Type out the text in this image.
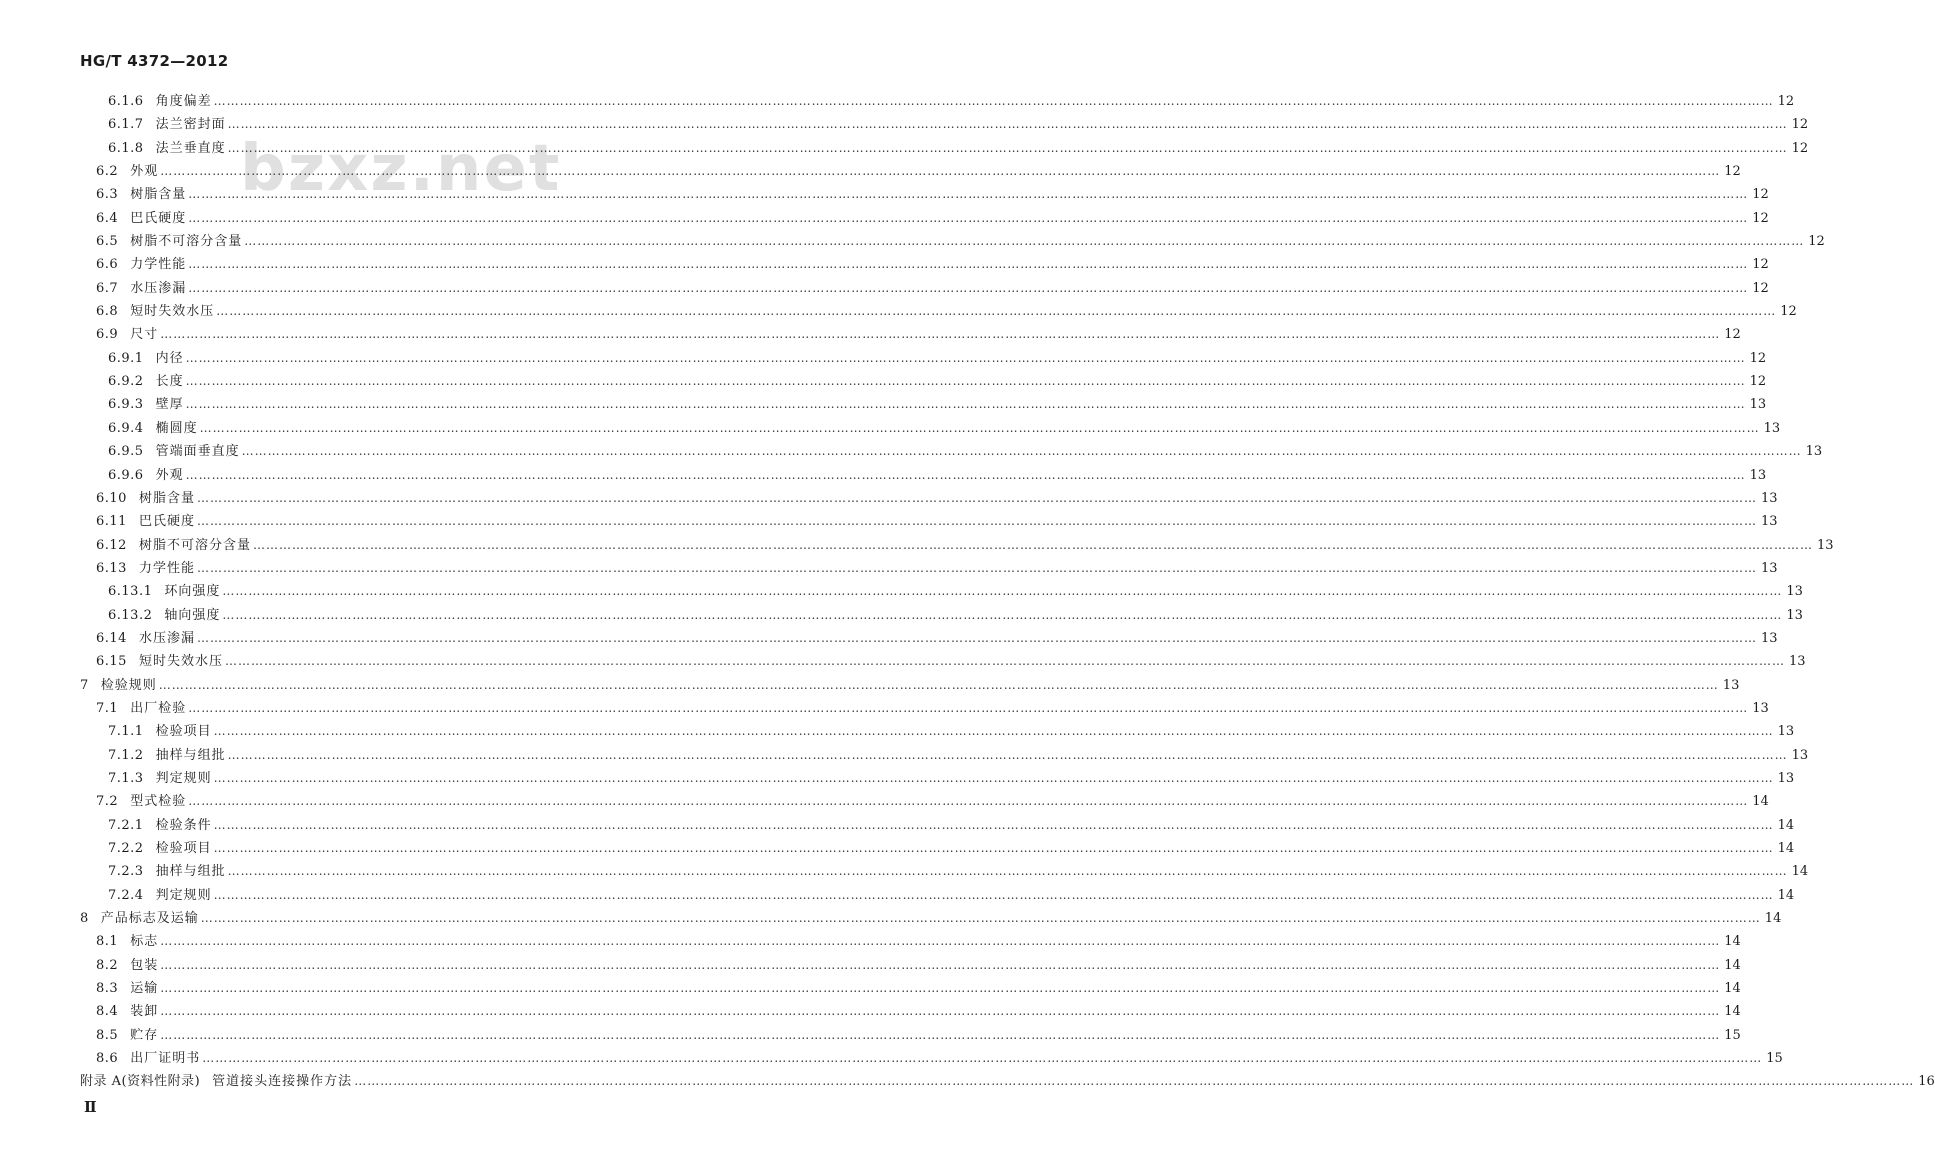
HG/T 4372—2012
bzxz.net
6.1.6 角度偏差 ……………………………………………………………………………………………………………………………………………………………………………………………………………………………………………………………………………………………………………………………… 12
6.1.7 法兰密封面 ……………………………………………………………………………………………………………………………………………………………………………………………………………………………………………………………………………………………………………………………… 12
6.1.8 法兰垂直度 ……………………………………………………………………………………………………………………………………………………………………………………………………………………………………………………………………………………………………………………………… 12
6.2 外观 ……………………………………………………………………………………………………………………………………………………………………………………………………………………………………………………………………………………………………………………………… 12
6.3 树脂含量 ……………………………………………………………………………………………………………………………………………………………………………………………………………………………………………………………………………………………………………………………… 12
6.4 巴氏硬度 ……………………………………………………………………………………………………………………………………………………………………………………………………………………………………………………………………………………………………………………………… 12
6.5 树脂不可溶分含量 ……………………………………………………………………………………………………………………………………………………………………………………………………………………………………………………………………………………………………………………………… 12
6.6 力学性能 ……………………………………………………………………………………………………………………………………………………………………………………………………………………………………………………………………………………………………………………………… 12
6.7 水压渗漏 ……………………………………………………………………………………………………………………………………………………………………………………………………………………………………………………………………………………………………………………………… 12
6.8 短时失效水压 ……………………………………………………………………………………………………………………………………………………………………………………………………………………………………………………………………………………………………………………………… 12
6.9 尺寸 ……………………………………………………………………………………………………………………………………………………………………………………………………………………………………………………………………………………………………………………………… 12
6.9.1 内径 ……………………………………………………………………………………………………………………………………………………………………………………………………………………………………………………………………………………………………………………………… 12
6.9.2 长度 ……………………………………………………………………………………………………………………………………………………………………………………………………………………………………………………………………………………………………………………………… 12
6.9.3 壁厚 ……………………………………………………………………………………………………………………………………………………………………………………………………………………………………………………………………………………………………………………………… 13
6.9.4 椭圆度 ……………………………………………………………………………………………………………………………………………………………………………………………………………………………………………………………………………………………………………………………… 13
6.9.5 管端面垂直度 ……………………………………………………………………………………………………………………………………………………………………………………………………………………………………………………………………………………………………………………………… 13
6.9.6 外观 ……………………………………………………………………………………………………………………………………………………………………………………………………………………………………………………………………………………………………………………………… 13
6.10 树脂含量 ……………………………………………………………………………………………………………………………………………………………………………………………………………………………………………………………………………………………………………………………… 13
6.11 巴氏硬度 ……………………………………………………………………………………………………………………………………………………………………………………………………………………………………………………………………………………………………………………………… 13
6.12 树脂不可溶分含量 ……………………………………………………………………………………………………………………………………………………………………………………………………………………………………………………………………………………………………………………………… 13
6.13 力学性能 ……………………………………………………………………………………………………………………………………………………………………………………………………………………………………………………………………………………………………………………………… 13
6.13.1 环向强度 ……………………………………………………………………………………………………………………………………………………………………………………………………………………………………………………………………………………………………………………………… 13
6.13.2 轴向强度 ……………………………………………………………………………………………………………………………………………………………………………………………………………………………………………………………………………………………………………………………… 13
6.14 水压渗漏 ……………………………………………………………………………………………………………………………………………………………………………………………………………………………………………………………………………………………………………………………… 13
6.15 短时失效水压 ……………………………………………………………………………………………………………………………………………………………………………………………………………………………………………………………………………………………………………………………… 13
7 检验规则 ……………………………………………………………………………………………………………………………………………………………………………………………………………………………………………………………………………………………………………………………… 13
7.1 出厂检验 ……………………………………………………………………………………………………………………………………………………………………………………………………………………………………………………………………………………………………………………………… 13
7.1.1 检验项目 ……………………………………………………………………………………………………………………………………………………………………………………………………………………………………………………………………………………………………………………………… 13
7.1.2 抽样与组批 ……………………………………………………………………………………………………………………………………………………………………………………………………………………………………………………………………………………………………………………………… 13
7.1.3 判定规则 ……………………………………………………………………………………………………………………………………………………………………………………………………………………………………………………………………………………………………………………………… 13
7.2 型式检验 ……………………………………………………………………………………………………………………………………………………………………………………………………………………………………………………………………………………………………………………………… 14
7.2.1 检验条件 ……………………………………………………………………………………………………………………………………………………………………………………………………………………………………………………………………………………………………………………………… 14
7.2.2 检验项目 ……………………………………………………………………………………………………………………………………………………………………………………………………………………………………………………………………………………………………………………………… 14
7.2.3 抽样与组批 ……………………………………………………………………………………………………………………………………………………………………………………………………………………………………………………………………………………………………………………………… 14
7.2.4 判定规则 ……………………………………………………………………………………………………………………………………………………………………………………………………………………………………………………………………………………………………………………………… 14
8 产品标志及运输 ……………………………………………………………………………………………………………………………………………………………………………………………………………………………………………………………………………………………………………………………… 14
8.1 标志 ……………………………………………………………………………………………………………………………………………………………………………………………………………………………………………………………………………………………………………………………… 14
8.2 包装 ……………………………………………………………………………………………………………………………………………………………………………………………………………………………………………………………………………………………………………………………… 14
8.3 运输 ……………………………………………………………………………………………………………………………………………………………………………………………………………………………………………………………………………………………………………………………… 14
8.4 装卸 ……………………………………………………………………………………………………………………………………………………………………………………………………………………………………………………………………………………………………………………………… 14
8.5 贮存 ……………………………………………………………………………………………………………………………………………………………………………………………………………………………………………………………………………………………………………………………… 15
8.6 出厂证明书 ……………………………………………………………………………………………………………………………………………………………………………………………………………………………………………………………………………………………………………………………… 15
附录 A(资料性附录) 管道接头连接操作方法 ……………………………………………………………………………………………………………………………………………………………………………………………………………………………………………………………………………………………………………………………… 16
Ⅱ
